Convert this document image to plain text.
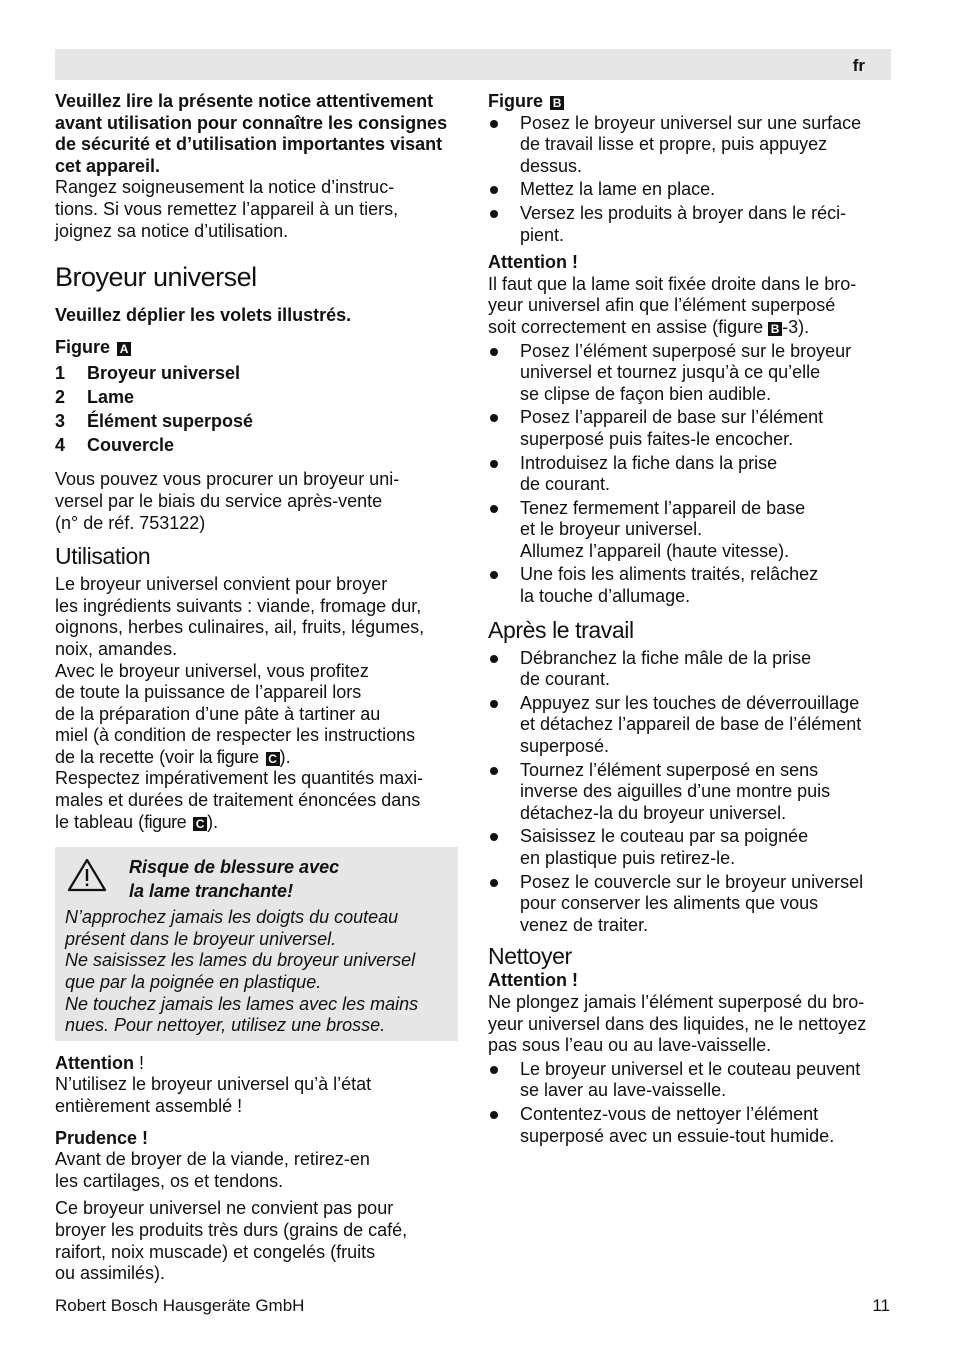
fr

Veuillez lire la présente notice attentivement
avant utilisation pour connaître les consignes
de sécurité et d’utilisation importantes visant
cet appareil.

Rangez soigneusement la notice d’instruc-
tions. Si vous remettez l’appareil à un tiers,
joignez sa notice d’utilisation.

Broyeur universel

Veuillez déplier les volets illustrés.

Figure A

1	Broyeur universel
2	Lame
3	Élément superposé
4	Couvercle

Vous pouvez vous procurer un broyeur uni-
versel par le biais du service après-vente
(n° de réf. 753122)

Utilisation

Le broyeur universel convient pour broyer
les ingrédients suivants : viande, fromage dur,
oignons, herbes culinaires, ail, fruits, légumes,
noix, amandes.
Avec le broyeur universel, vous profitez
de toute la puissance de l’appareil lors
de la préparation d’une pâte à tartiner au
miel (à condition de respecter les instructions
de la recette (voir la figure C ).

Respectez impérativement les quantités maxi-
males et durées de traitement énoncées dans
le tableau (figure C ).

Risque de blessure avec
la lame tranchante!

N’approchez jamais les doigts du couteau
présent dans le broyeur universel.
Ne saisissez les lames du broyeur universel
que par la poignée en plastique.
Ne touchez jamais les lames avec les mains
nues. Pour nettoyer, utilisez une brosse.

Attention !

N’utilisez le broyeur universel qu’à l’état
entièrement assemblé !

Prudence !

Avant de broyer de la viande, retirez-en
les cartilages, os et tendons.

Ce broyeur universel ne convient pas pour
broyer les produits très durs (grains de café,
raifort, noix muscade) et congelés (fruits
ou assimilés).

Figure B

Posez le broyeur universel sur une surface
de travail lisse et propre, puis appuyez
dessus.
Mettez la lame en place.
Versez les produits à broyer dans le réci-
pient.

Attention !

Il faut que la lame soit fixée droite dans le bro-
yeur universel afin que l’élément superposé
soit correctement en assise (figure B -3).

Posez l’élément superposé sur le broyeur
universel et tournez jusqu’à ce qu’elle
se clipse de façon bien audible.
Posez l’appareil de base sur l’élément
superposé puis faites-le encocher.
Introduisez la fiche dans la prise
de courant.
Tenez fermement l’appareil de base
et le broyeur universel.
Allumez l’appareil (haute vitesse).
Une fois les aliments traités, relâchez
la touche d’allumage.
Après le travail
Débranchez la fiche mâle de la prise
de courant.
Appuyez sur les touches de déverrouillage
et détachez l’appareil de base de l’élément
superposé.
Tournez l’élément superposé en sens
inverse des aiguilles d’une montre puis
détachez-la du broyeur universel.
Saisissez le couteau par sa poignée
en plastique puis retirez-le.
Posez le couvercle sur le broyeur universel
pour conserver les aliments que vous
venez de traiter.
Nettoyer

Attention !

Ne plongez jamais l’élément superposé du bro-
yeur universel dans des liquides, ne le nettoyez
pas sous l’eau ou au lave-vaisselle.

Le broyeur universel et le couteau peuvent
se laver au lave-vaisselle.
Contentez-vous de nettoyer l’élément
superposé avec un essuie-tout humide.
Robert Bosch Hausgeräte GmbH	11
